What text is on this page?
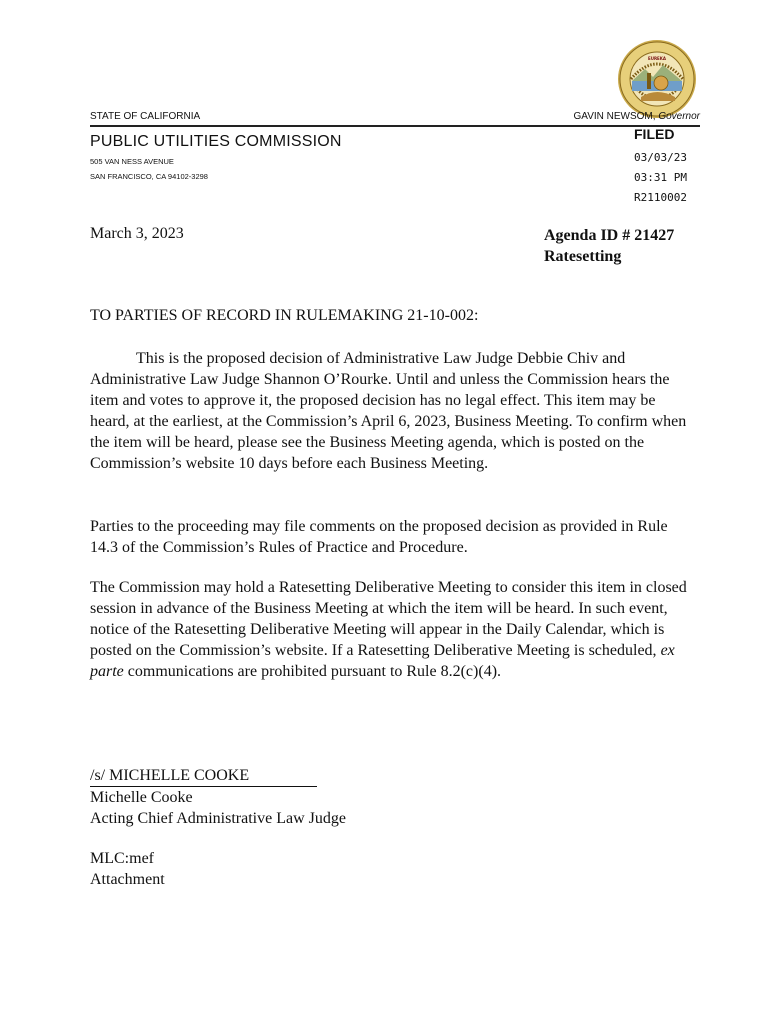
EUREKA
STATE OF CALIFORNIA	GAVIN NEWSOM, Governor
PUBLIC UTILITIES COMMISSION
505 VAN NESS AVENUE
SAN FRANCISCO, CA 94102-3298
FILED
03/03/23
03:31 PM
R2110002
March 3, 2023	Agenda ID # 21427
Ratesetting
TO PARTIES OF RECORD IN RULEMAKING 21-10-002:
This is the proposed decision of Administrative Law Judge Debbie Chiv and Administrative Law Judge Shannon O’Rourke. Until and unless the Commission hears the item and votes to approve it, the proposed decision has no legal effect. This item may be heard, at the earliest, at the Commission’s April 6, 2023, Business Meeting. To confirm when the item will be heard, please see the Business Meeting agenda, which is posted on the Commission’s website 10 days before each Business Meeting.
Parties to the proceeding may file comments on the proposed decision as provided in Rule 14.3 of the Commission’s Rules of Practice and Procedure.
The Commission may hold a Ratesetting Deliberative Meeting to consider this item in closed session in advance of the Business Meeting at which the item will be heard. In such event, notice of the Ratesetting Deliberative Meeting will appear in the Daily Calendar, which is posted on the Commission’s website. If a Ratesetting Deliberative Meeting is scheduled, ex parte communications are prohibited pursuant to Rule 8.2(c)(4).
/s/ MICHELLE COOKE
Michelle Cooke
Acting Chief Administrative Law Judge
MLC:mef
Attachment
